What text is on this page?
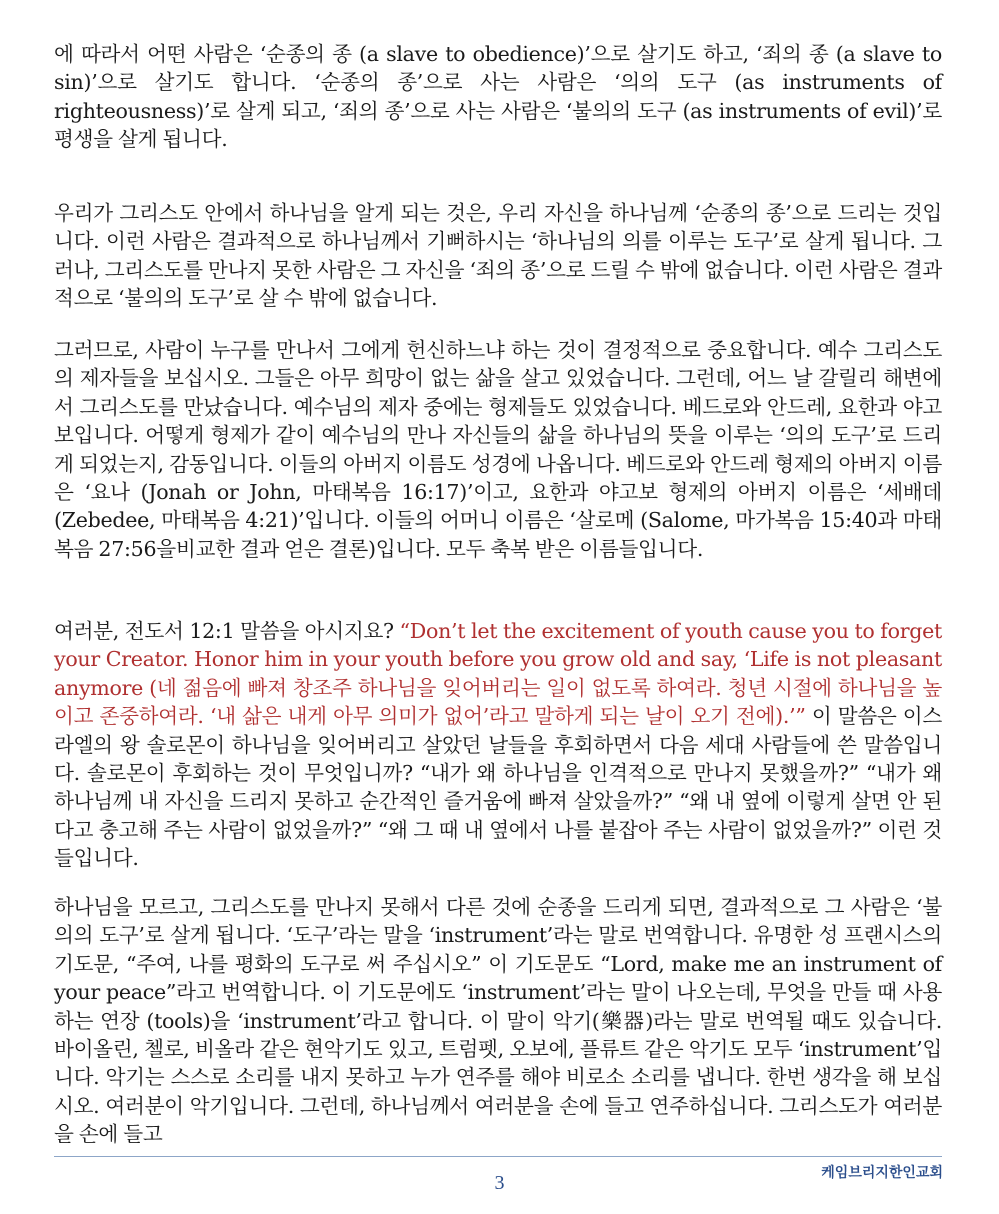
에 따라서 어떤 사람은 ‘순종의 종 (a slave to obedience)’으로 살기도 하고, ‘죄의 종 (a slave to sin)’으로 살기도 합니다. ‘순종의 종’으로 사는 사람은 ‘의의 도구 (as instruments of righteousness)’로 살게 되고, ‘죄의 종’으로 사는 사람은 ‘불의의 도구 (as instruments of evil)’로 평생을 살게 됩니다.

우리가 그리스도 안에서 하나님을 알게 되는 것은, 우리 자신을 하나님께 ‘순종의 종’으로 드리는 것입니다. 이런 사람은 결과적으로 하나님께서 기뻐하시는 ‘하나님의 의를 이루는 도구’로 살게 됩니다. 그러나, 그리스도를 만나지 못한 사람은 그 자신을 ‘죄의 종’으로 드릴 수 밖에 없습니다. 이런 사람은 결과적으로 ‘불의의 도구’로 살 수 밖에 없습니다.

그러므로, 사람이 누구를 만나서 그에게 헌신하느냐 하는 것이 결정적으로 중요합니다. 예수 그리스도의 제자들을 보십시오. 그들은 아무 희망이 없는 삶을 살고 있었습니다. 그런데, 어느 날 갈릴리 해변에서 그리스도를 만났습니다. 예수님의 제자 중에는 형제들도 있었습니다. 베드로와 안드레, 요한과 야고보입니다. 어떻게 형제가 같이 예수님의 만나 자신들의 삶을 하나님의 뜻을 이루는 ‘의의 도구’로 드리게 되었는지, 감동입니다. 이들의 아버지 이름도 성경에 나옵니다. 베드로와 안드레 형제의 아버지 이름은 ‘요나 (Jonah or John, 마태복음 16:17)’이고, 요한과 야고보 형제의 아버지 이름은 ‘세배데 (Zebedee, 마태복음 4:21)’입니다. 이들의 어머니 이름은 ‘살로메 (Salome, 마가복음 15:40과 마태복음 27:56을비교한 결과 얻은 결론)입니다. 모두 축복 받은 이름들입니다.

여러분, 전도서 12:1 말씀을 아시지요? “Don’t let the excitement of youth cause you to forget your Creator. Honor him in your youth before you grow old and say, ‘Life is not pleasant anymore (네 젊음에 빠져 창조주 하나님을 잊어버리는 일이 없도록 하여라. 청년 시절에 하나님을 높이고 존중하여라. ‘내 삶은 내게 아무 의미가 없어’라고 말하게 되는 날이 오기 전에).’” 이 말씀은 이스라엘의 왕 솔로몬이 하나님을 잊어버리고 살았던 날들을 후회하면서 다음 세대 사람들에 쓴 말씀입니다. 솔로몬이 후회하는 것이 무엇입니까? “내가 왜 하나님을 인격적으로 만나지 못했을까?” “내가 왜 하나님께 내 자신을 드리지 못하고 순간적인 즐거움에 빠져 살았을까?” “왜 내 옆에 이렇게 살면 안 된다고 충고해 주는 사람이 없었을까?” “왜 그 때 내 옆에서 나를 붙잡아 주는 사람이 없었을까?” 이런 것들입니다.

하나님을 모르고, 그리스도를 만나지 못해서 다른 것에 순종을 드리게 되면, 결과적으로 그 사람은 ‘불의의 도구’로 살게 됩니다. ‘도구’라는 말을 ‘instrument’라는 말로 번역합니다. 유명한 성 프랜시스의 기도문, “주여, 나를 평화의 도구로 써 주십시오” 이 기도문도 “Lord, make me an instrument of your peace”라고 번역합니다. 이 기도문에도 ‘instrument’라는 말이 나오는데, 무엇을 만들 때 사용하는 연장 (tools)을 ‘instrument’라고 합니다. 이 말이 악기(樂器)라는 말로 번역될 때도 있습니다. 바이올린, 첼로, 비올라 같은 현악기도 있고, 트럼펫, 오보에, 플류트 같은 악기도 모두 ‘instrument’입니다. 악기는 스스로 소리를 내지 못하고 누가 연주를 해야 비로소 소리를 냅니다. 한번 생각을 해 보십시오. 여러분이 악기입니다. 그런데, 하나님께서 여러분을 손에 들고 연주하십니다. 그리스도가 여러분을 손에 들고

케임브리지한인교회
3
